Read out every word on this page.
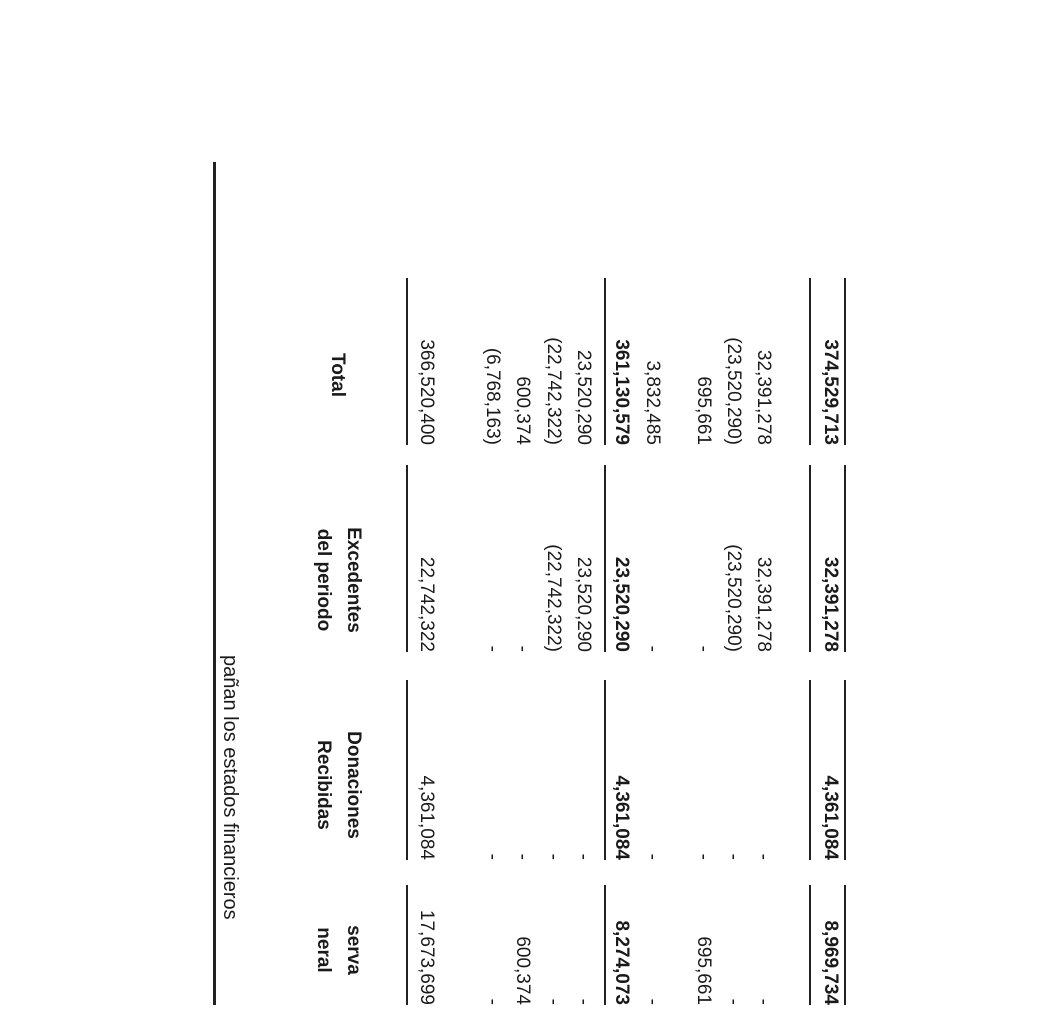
serva
neral
Donaciones
Recibidas
Excedentes
del periodo
Total
pañan los estados financieros
17,673,699
4,361,084
22,742,322
366,520,400
-
-
-
(6,768,163)
600,374
-
-
600,374
-
-
(22,742,322)
(22,742,322)
-
-
23,520,290
23,520,290
8,274,073
4,361,084
23,520,290
361,130,579
-
-
-
3,832,485
695,661
-
-
695,661
-
-
(23,520,290)
(23,520,290)
-
-
32,391,278
32,391,278
8,969,734
4,361,084
32,391,278
374,529,713
